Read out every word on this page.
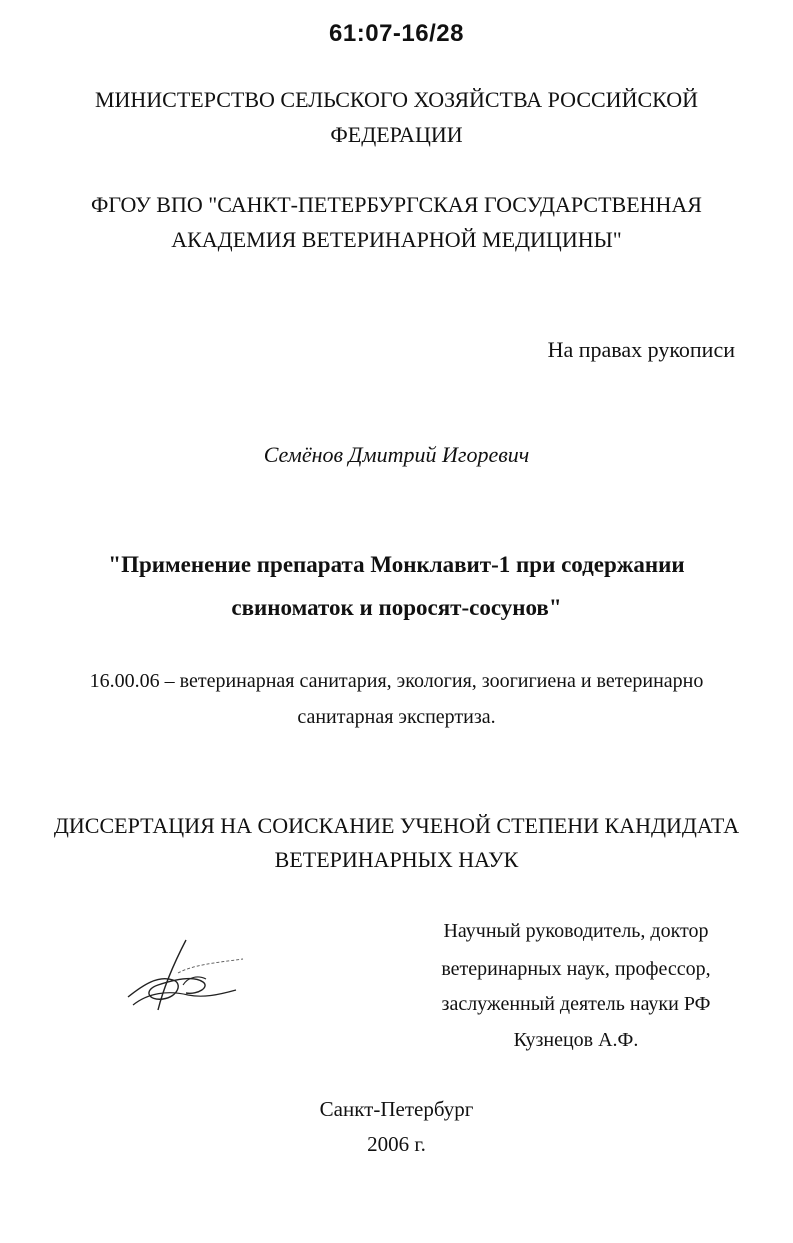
61:07-16/28
МИНИСТЕРСТВО СЕЛЬСКОГО ХОЗЯЙСТВА РОССИЙСКОЙ
ФЕДЕРАЦИИ
ФГОУ ВПО "САНКТ-ПЕТЕРБУРГСКАЯ ГОСУДАРСТВЕННАЯ
АКАДЕМИЯ ВЕТЕРИНАРНОЙ МЕДИЦИНЫ"
На правах рукописи
Семёнов Дмитрий Игоревич
"Применение препарата Монклавит-1 при содержании
свиноматок и поросят-сосунов"
16.00.06 – ветеринарная санитария, экология, зоогигиена и ветеринарно
санитарная экспертиза.
ДИССЕРТАЦИЯ НА СОИСКАНИЕ УЧЕНОЙ СТЕПЕНИ КАНДИДАТА
ВЕТЕРИНАРНЫХ НАУК
Научный руководитель, доктор
ветеринарных наук, профессор,
заслуженный деятель науки РФ
Кузнецов А.Ф.
Санкт-Петербург
2006 г.
